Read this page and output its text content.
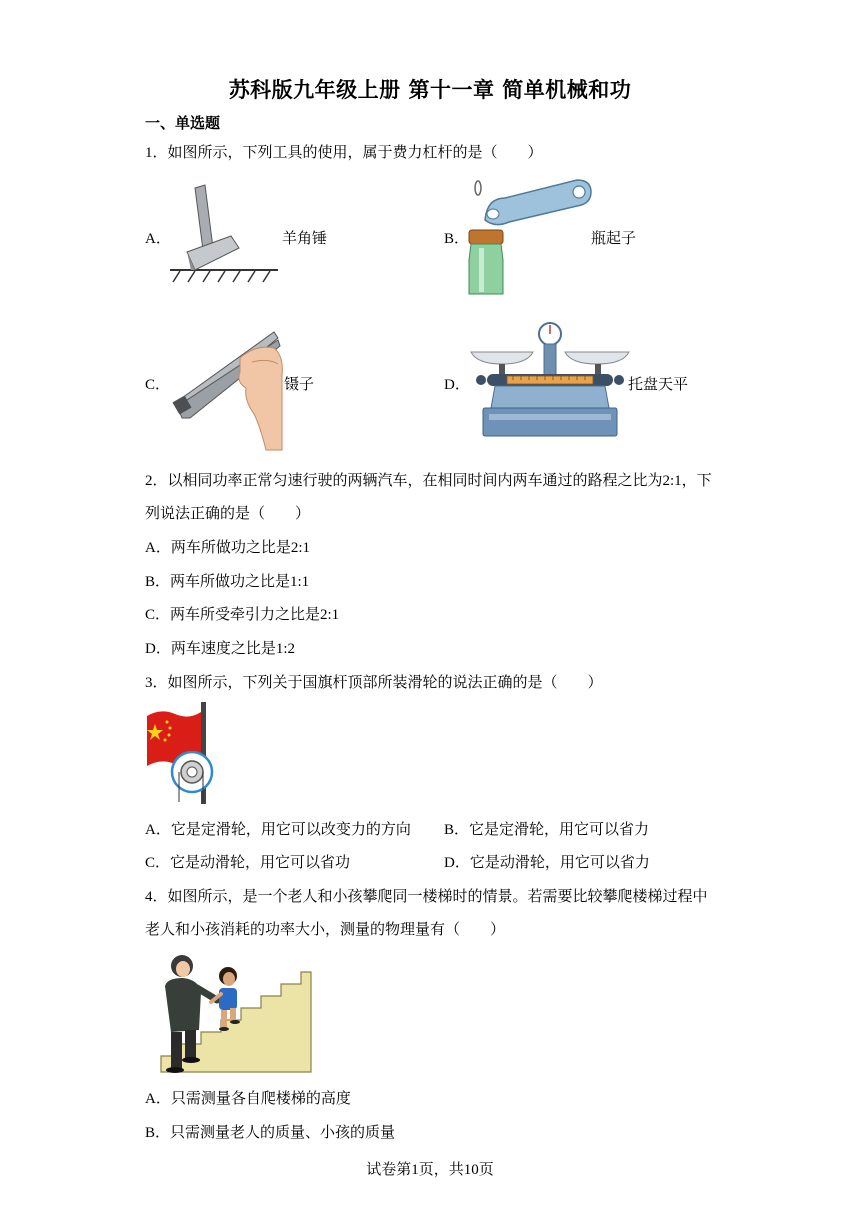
苏科版九年级上册 第十一章 简单机械和功
一、单选题
1．如图所示，下列工具的使用，属于费力杠杆的是（　　）
A．	羊角锤	B．	瓶起子
C．	镊子	D．	托盘天平
2．以相同功率正常匀速行驶的两辆汽车，在相同时间内两车通过的路程之比为2:1，下
列说法正确的是（　　）
A．两车所做功之比是2:1
B．两车所做功之比是1:1
C．两车所受牵引力之比是2:1
D．两车速度之比是1:2
3．如图所示，下列关于国旗杆顶部所装滑轮的说法正确的是（　　）
A．它是定滑轮，用它可以改变力的方向 B．它是定滑轮，用它可以省力
C．它是动滑轮，用它可以省功	D．它是动滑轮，用它可以省力
4．如图所示，是一个老人和小孩攀爬同一楼梯时的情景。若需要比较攀爬楼梯过程中
老人和小孩消耗的功率大小，测量的物理量有（　　）
A．只需测量各自爬楼梯的高度
B．只需测量老人的质量、小孩的质量
试卷第1页，共10页
